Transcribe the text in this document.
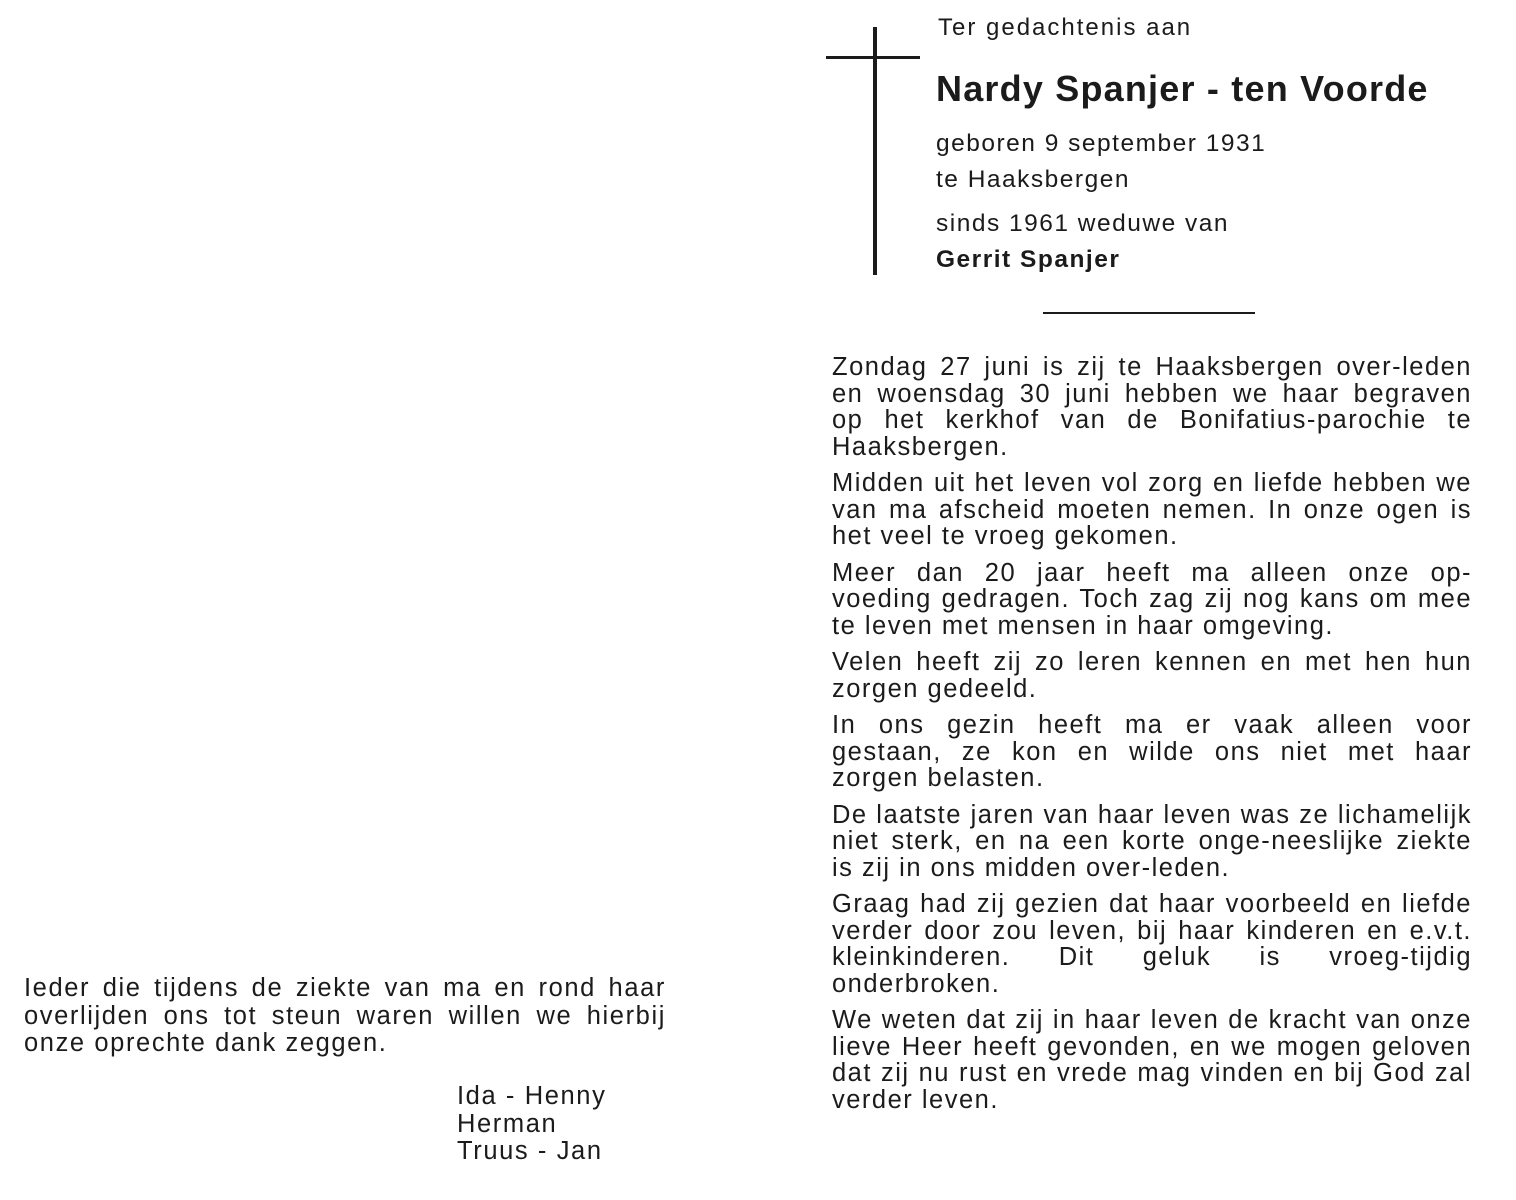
Ieder die tijdens de ziekte van ma en rond haar overlijden ons tot steun waren willen we hierbij onze oprechte dank zeggen.
Ida - Henny
Herman
Truus - Jan
Ter gedachtenis aan
Nardy Spanjer - ten Voorde
geboren 9 september 1931
te Haaksbergen
sinds 1961 weduwe van
Gerrit Spanjer

Zondag 27 juni is zij te Haaksbergen over-leden en woensdag 30 juni hebben we haar begraven op het kerkhof van de Bonifatius-parochie te Haaksbergen.

Midden uit het leven vol zorg en liefde hebben we van ma afscheid moeten nemen. In onze ogen is het veel te vroeg gekomen.

Meer dan 20 jaar heeft ma alleen onze op-voeding gedragen. Toch zag zij nog kans om mee te leven met mensen in haar omgeving.

Velen heeft zij zo leren kennen en met hen hun zorgen gedeeld.

In ons gezin heeft ma er vaak alleen voor gestaan, ze kon en wilde ons niet met haar zorgen belasten.

De laatste jaren van haar leven was ze lichamelijk niet sterk, en na een korte onge-neeslijke ziekte is zij in ons midden over-leden.

Graag had zij gezien dat haar voorbeeld en liefde verder door zou leven, bij haar kinderen en e.v.t. kleinkinderen. Dit geluk is vroeg-tijdig onderbroken.

We weten dat zij in haar leven de kracht van onze lieve Heer heeft gevonden, en we mogen geloven dat zij nu rust en vrede mag vinden en bij God zal verder leven.
